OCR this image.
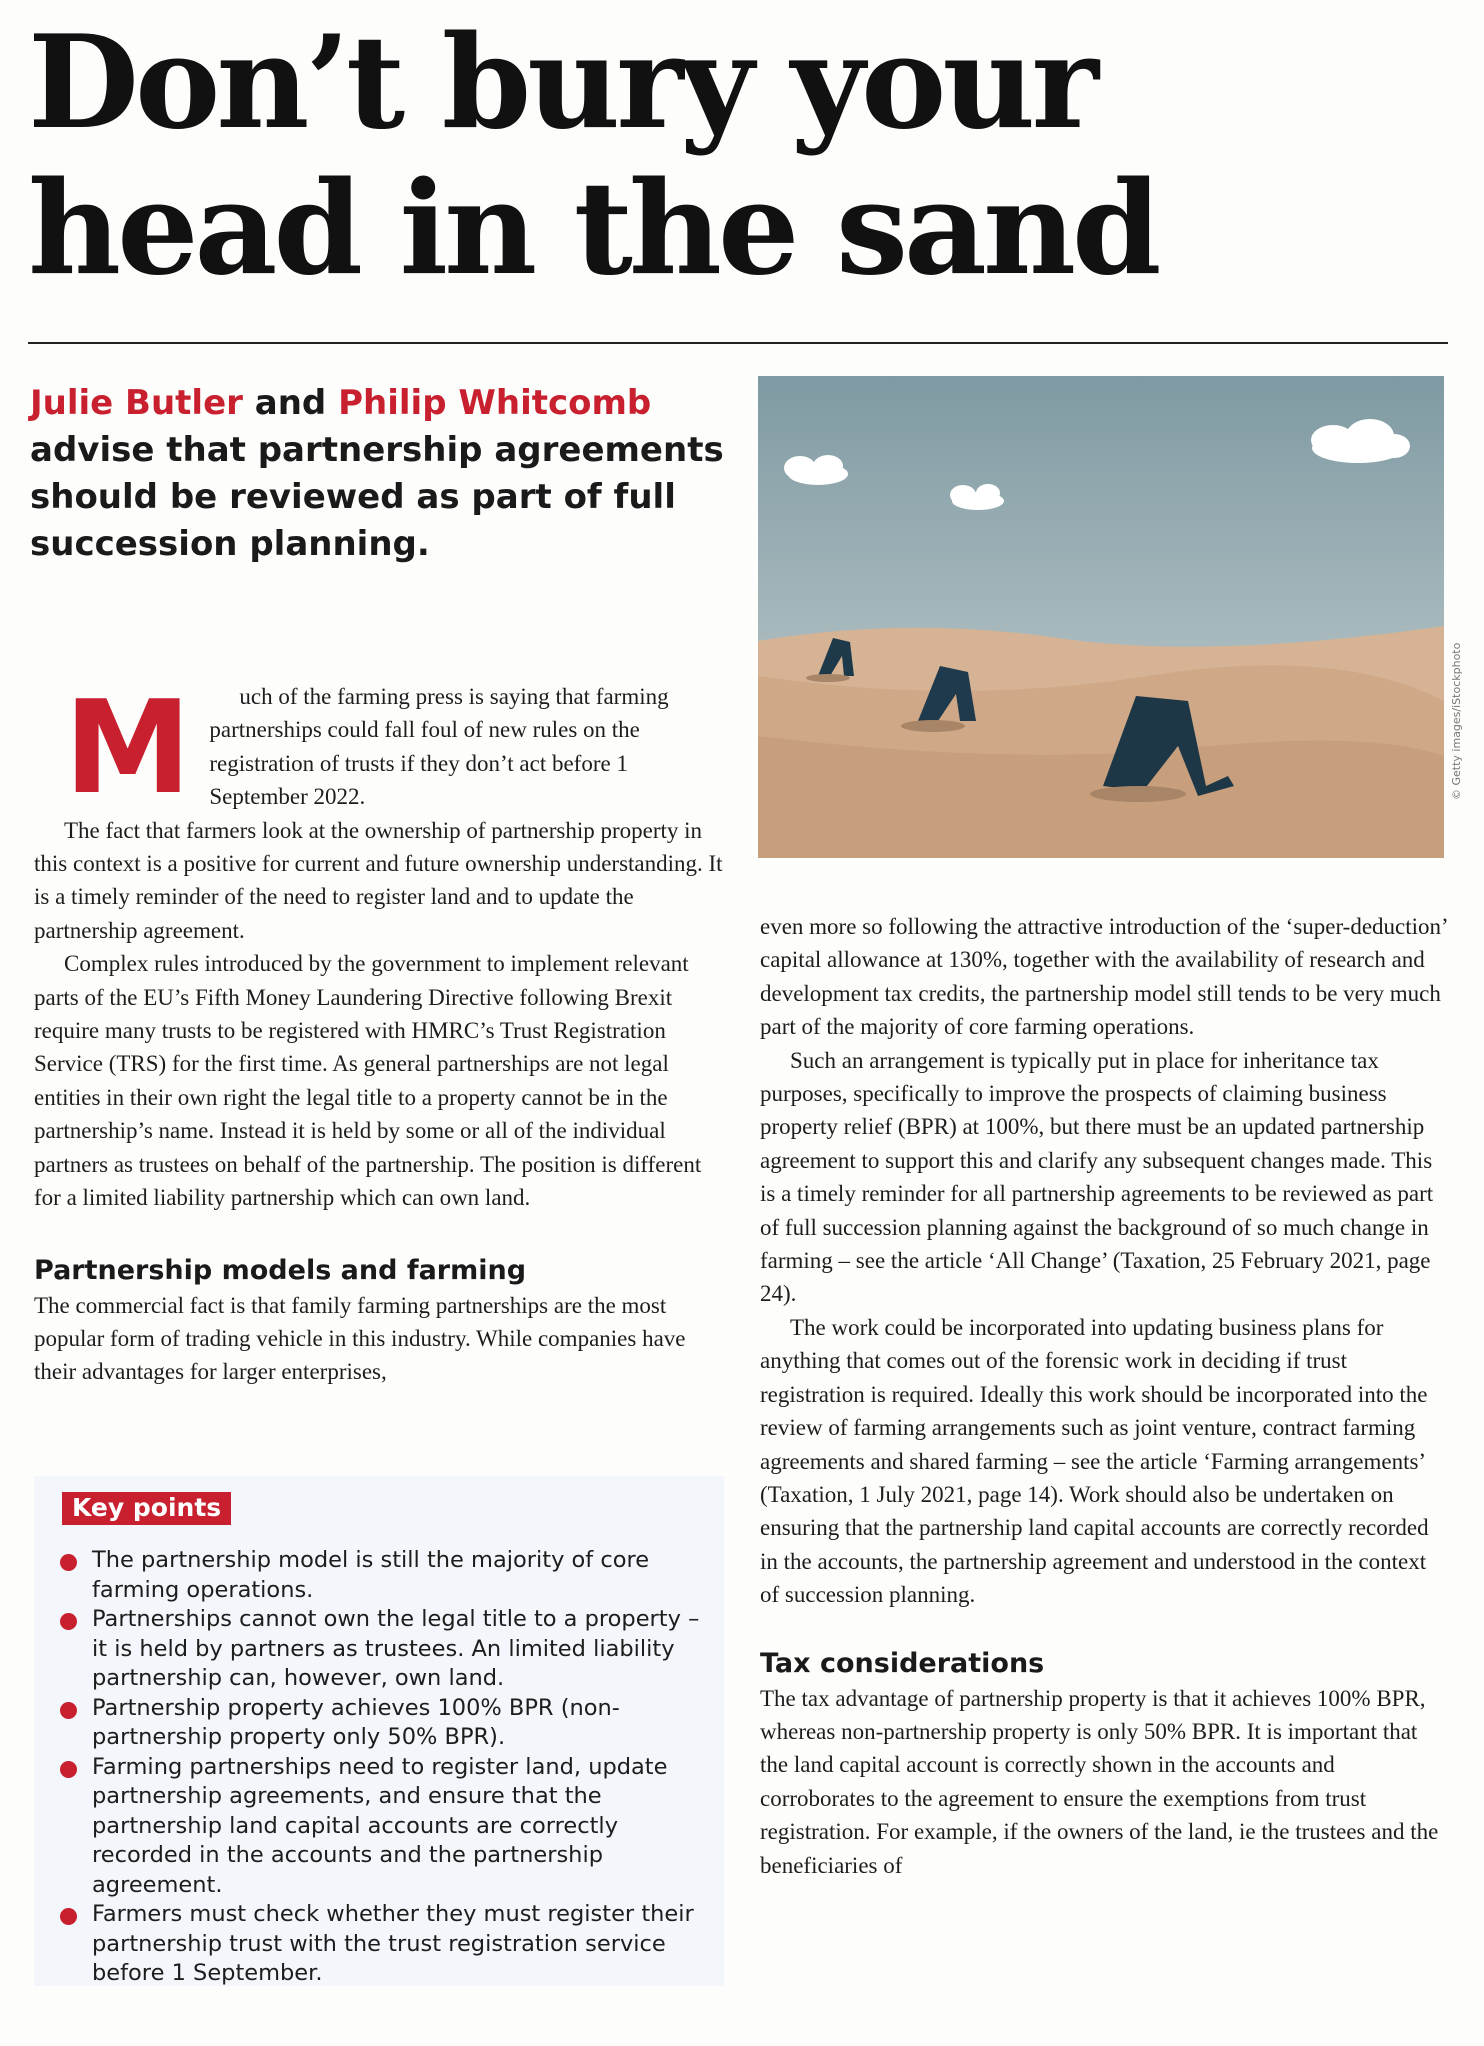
Don’t bury your
head in the sand
Julie Butler and Philip Whitcomb advise that partnership agreements should be reviewed as part of full succession planning.
© Getty images/iStockphoto

M uch of the farming press is saying that farming partnerships could fall foul of new rules on the registration of trusts if they don’t act before 1 September 2022.

The fact that farmers look at the ownership of partnership property in this context is a positive for current and future ownership understanding. It is a timely reminder of the need to register land and to update the partnership agreement.

Complex rules introduced by the government to implement relevant parts of the EU’s Fifth Money Laundering Directive following Brexit require many trusts to be registered with HMRC’s Trust Registration Service (TRS) for the first time. As general partnerships are not legal entities in their own right the legal title to a property cannot be in the partnership’s name. Instead it is held by some or all of the individual partners as trustees on behalf of the partnership. The position is different for a limited liability partnership which can own land.

Partnership models and farming

The commercial fact is that family farming partnerships are the most popular form of trading vehicle in this industry. While companies have their advantages for larger enterprises,

Key points
The partnership model is still the majority of core farming operations.
Partnerships cannot own the legal title to a property – it is held by partners as trustees. An limited liability partnership can, however, own land.
Partnership property achieves 100% BPR (non-partnership property only 50% BPR).
Farming partnerships need to register land, update partnership agreements, and ensure that the partnership land capital accounts are correctly recorded in the accounts and the partnership agreement.
Farmers must check whether they must register their partnership trust with the trust registration service before 1 September.

even more so following the attractive introduction of the ‘super-deduction’ capital allowance at 130%, together with the availability of research and development tax credits, the partnership model still tends to be very much part of the majority of core farming operations.

Such an arrangement is typically put in place for inheritance tax purposes, specifically to improve the prospects of claiming business property relief (BPR) at 100%, but there must be an updated partnership agreement to support this and clarify any subsequent changes made. This is a timely reminder for all partnership agreements to be reviewed as part of full succession planning against the background of so much change in farming – see the article ‘All Change’ (Taxation, 25 February 2021, page 24).

The work could be incorporated into updating business plans for anything that comes out of the forensic work in deciding if trust registration is required. Ideally this work should be incorporated into the review of farming arrangements such as joint venture, contract farming agreements and shared farming – see the article ‘Farming arrangements’ (Taxation, 1 July 2021, page 14). Work should also be undertaken on ensuring that the partnership land capital accounts are correctly recorded in the accounts, the partnership agreement and understood in the context of succession planning.

Tax considerations

The tax advantage of partnership property is that it achieves 100% BPR, whereas non-partnership property is only 50% BPR. It is important that the land capital account is correctly shown in the accounts and corroborates to the agreement to ensure the exemptions from trust registration. For example, if the owners of the land, ie the trustees and the beneficiaries of
